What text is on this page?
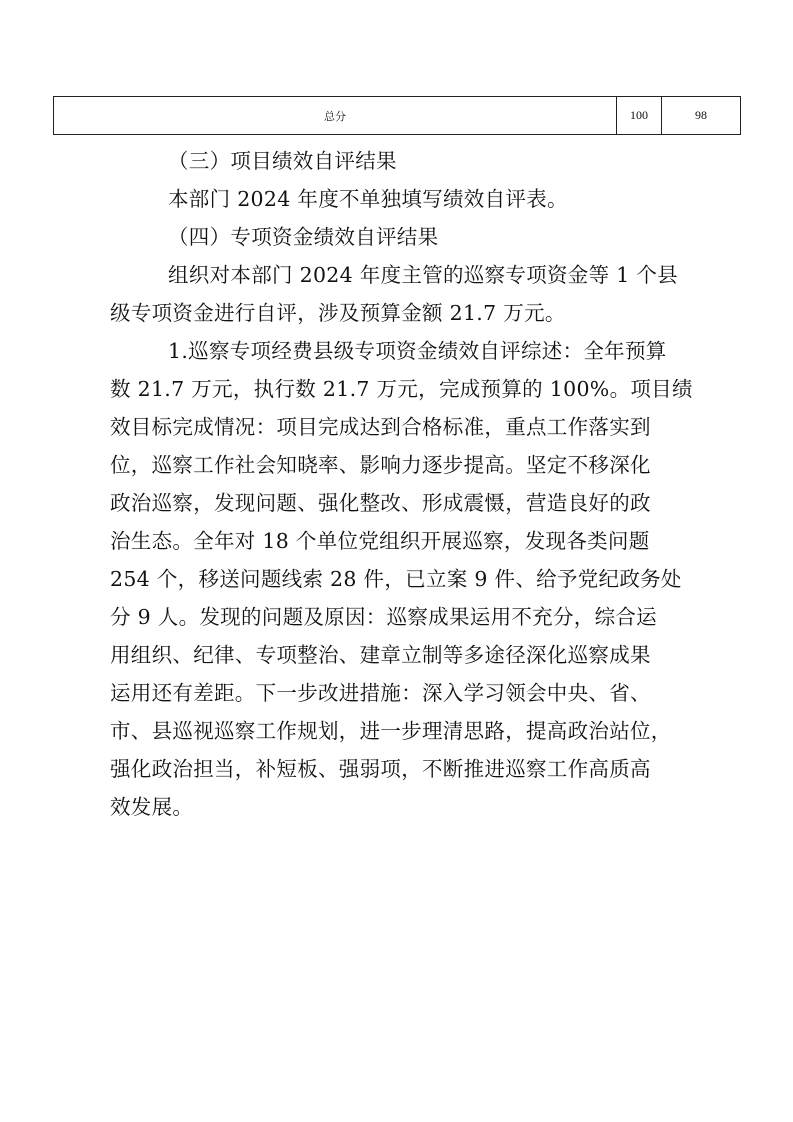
总分	100	98
（三）项目绩效自评结果
本部门 2024 年度不单独填写绩效自评表。
（四）专项资金绩效自评结果
组织对本部门 2024 年度主管的巡察专项资金等 1 个县
级专项资金进行自评，涉及预算金额 21.7 万元。
1.巡察专项经费县级专项资金绩效自评综述：全年预算
数 21.7 万元，执行数 21.7 万元，完成预算的 100%。项目绩
效目标完成情况：项目完成达到合格标准，重点工作落实到
位，巡察工作社会知晓率、影响力逐步提高。坚定不移深化
政治巡察，发现问题、强化整改、形成震慑，营造良好的政
治生态。全年对 18 个单位党组织开展巡察，发现各类问题
254 个，移送问题线索 28 件，已立案 9 件、给予党纪政务处
分 9 人。发现的问题及原因：巡察成果运用不充分，综合运
用组织、纪律、专项整治、建章立制等多途径深化巡察成果
运用还有差距。下一步改进措施：深入学习领会中央、省、
市、县巡视巡察工作规划，进一步理清思路，提高政治站位，
强化政治担当，补短板、强弱项，不断推进巡察工作高质高
效发展。
